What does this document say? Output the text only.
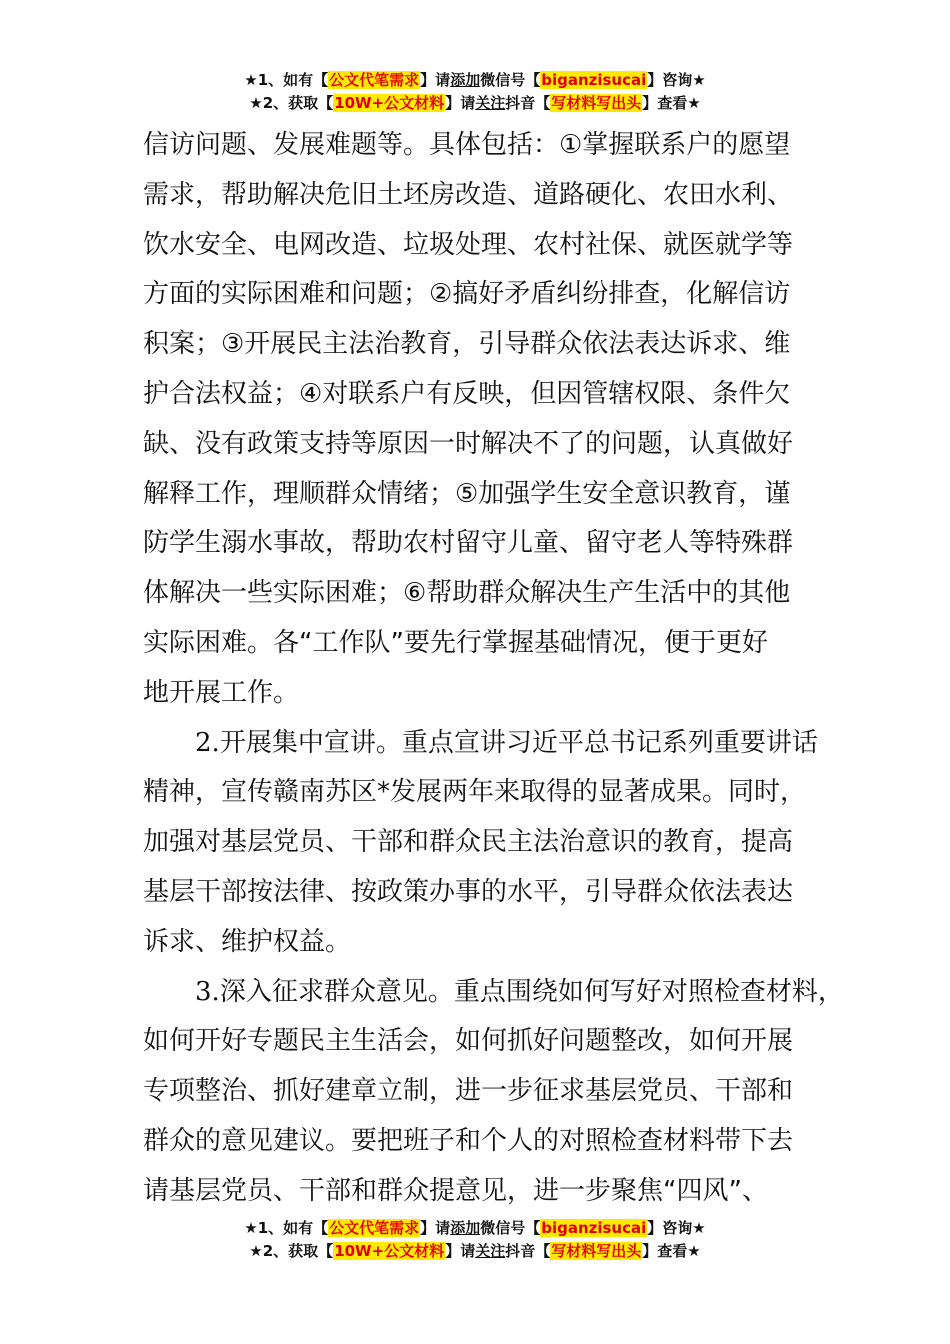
★1、如有【公文代笔需求】请添加微信号【biganzisucai】咨询★
★2、获取【10W+公文材料】请关注抖音【写材料写出头】查看★
信访问题、发展难题等。具体包括：①掌握联系户的愿望
需求，帮助解决危旧土坯房改造、道路硬化、农田水利、
饮水安全、电网改造、垃圾处理、农村社保、就医就学等
方面的实际困难和问题；②搞好矛盾纠纷排查，化解信访
积案；③开展民主法治教育，引导群众依法表达诉求、维
护合法权益；④对联系户有反映，但因管辖权限、条件欠
缺、没有政策支持等原因一时解决不了的问题，认真做好
解释工作，理顺群众情绪；⑤加强学生安全意识教育，谨
防学生溺水事故，帮助农村留守儿童、留守老人等特殊群
体解决一些实际困难；⑥帮助群众解决生产生活中的其他
实际困难。各“工作队”要先行掌握基础情况，便于更好
地开展工作。
2.开展集中宣讲。重点宣讲习近平总书记系列重要讲话
精神，宣传赣南苏区*发展两年来取得的显著成果。同时，
加强对基层党员、干部和群众民主法治意识的教育，提高
基层干部按法律、按政策办事的水平，引导群众依法表达
诉求、维护权益。
3.深入征求群众意见。重点围绕如何写好对照检查材料，
如何开好专题民主生活会，如何抓好问题整改，如何开展
专项整治、抓好建章立制，进一步征求基层党员、干部和
群众的意见建议。要把班子和个人的对照检查材料带下去
请基层党员、干部和群众提意见，进一步聚焦“四风”、
★1、如有【公文代笔需求】请添加微信号【biganzisucai】咨询★
★2、获取【10W+公文材料】请关注抖音【写材料写出头】查看★
